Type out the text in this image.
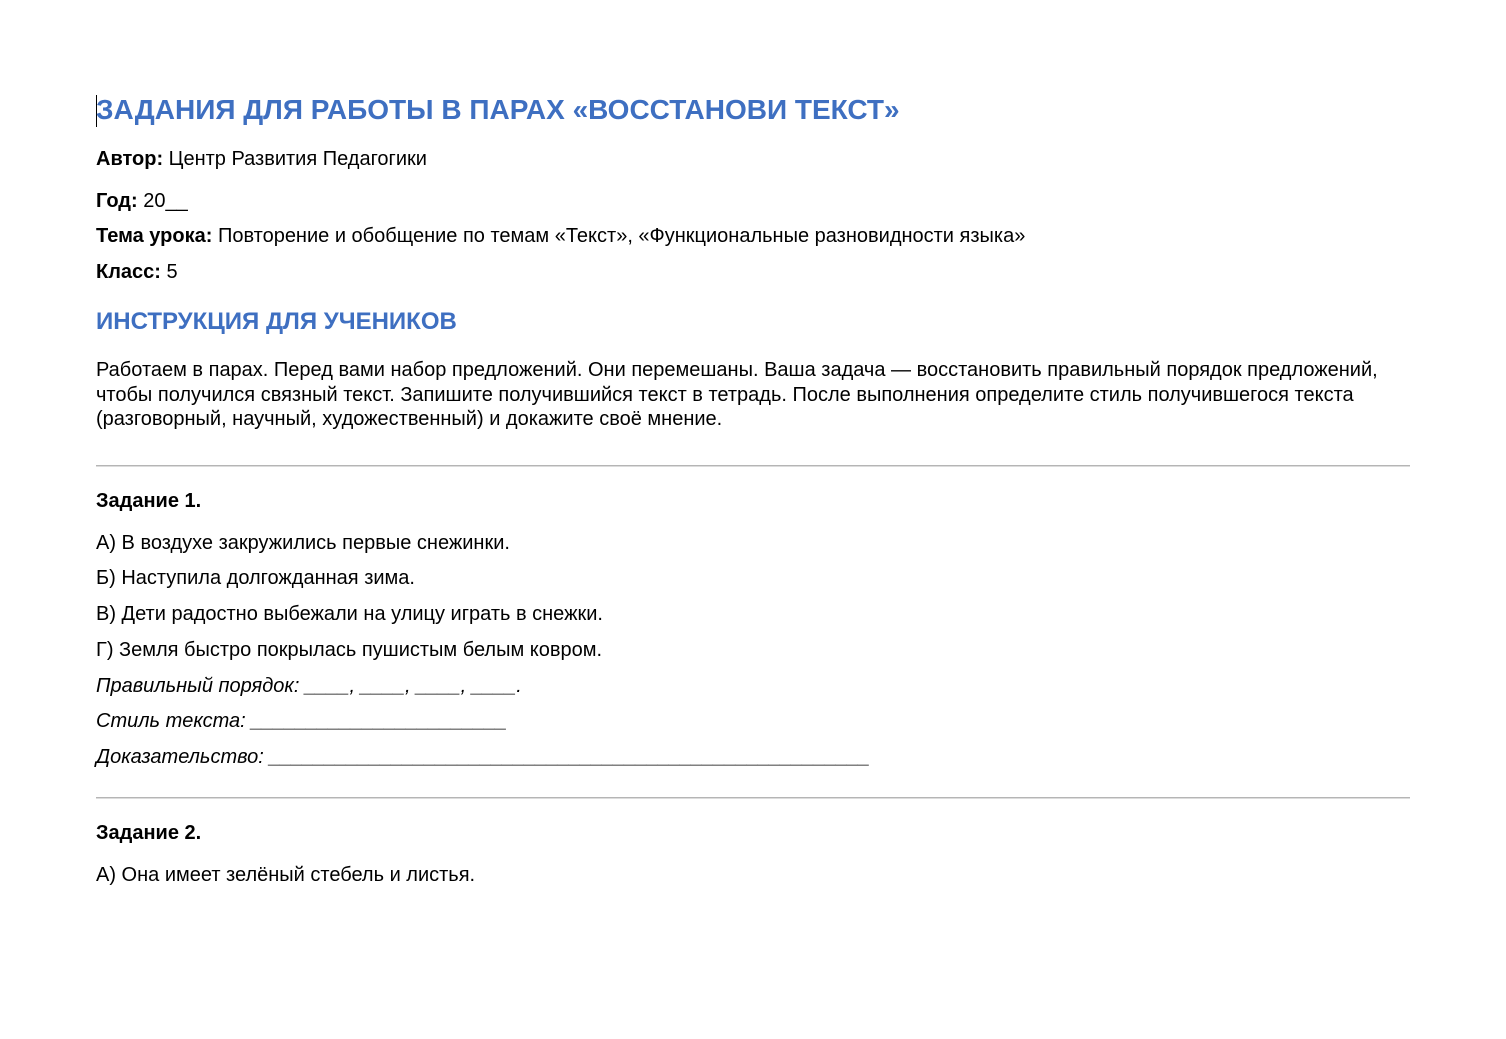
ЗАДАНИЯ ДЛЯ РАБОТЫ В ПАРАХ «ВОССТАНОВИ ТЕКСТ»

Автор: Центр Развития Педагогики

Год: 20__

Тема урока: Повторение и обобщение по темам «Текст», «Функциональные разновидности языка»

Класс: 5

ИНСТРУКЦИЯ ДЛЯ УЧЕНИКОВ

Работаем в парах. Перед вами набор предложений. Они перемешаны. Ваша задача — восстановить правильный порядок предложений, чтобы получился связный текст. Запишите получившийся текст в тетрадь. После выполнения определите стиль получившегося текста (разговорный, научный, художественный) и докажите своё мнение.

Задание 1.

А) В воздухе закружились первые снежинки.

Б) Наступила долгожданная зима.

В) Дети радостно выбежали на улицу играть в снежки.

Г) Земля быстро покрылась пушистым белым ковром.

Правильный порядок: ____, ____, ____, ____.

Стиль текста: _______________________

Доказательство: ______________________________________________________

Задание 2.

А) Она имеет зелёный стебель и листья.
